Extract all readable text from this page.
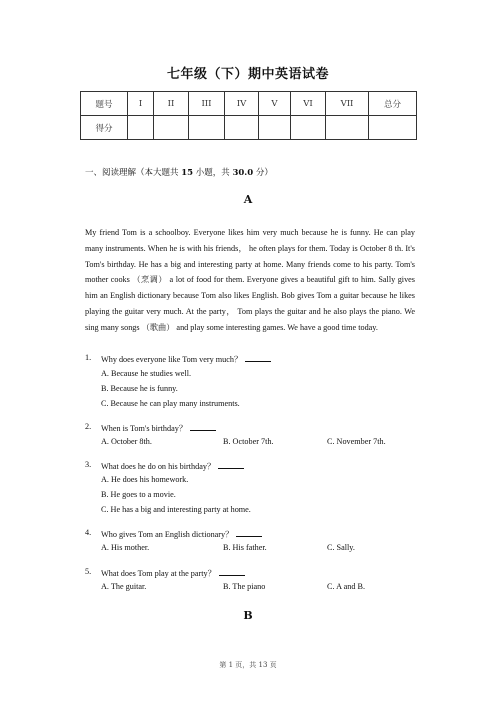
七年级（下）期中英语试卷
题号	I	II	III	IV	V	VI	VII	总分
得分								
一、阅读理解（本大题共 15 小题，共 30.0 分）
A
My friend Tom is a schoolboy. Everyone likes him very much because he is funny. He can play many instruments. When he is with his friends， he often plays for them. Today is October 8 th. It's Tom's birthday. He has a big and interesting party at home. Many friends come to his party. Tom's mother cooks （烹调） a lot of food for them. Everyone gives a beautiful gift to him. Sally gives him an English dictionary because Tom also likes English. Bob gives Tom a guitar because he likes playing the guitar very much. At the party， Tom plays the guitar and he also plays the piano. We sing many songs （歌曲） and play some interesting games. We have a good time today.
1. Why does everyone like Tom very much？
A. Because he studies well.
B. Because he is funny.
C. Because he can play many instruments.
2. When is Tom's birthday？
A. October 8th.	B. October 7th.	C. November 7th.
3. What does he do on his birthday？
A. He does his homework.
B. He goes to a movie.
C. He has a big and interesting party at home.
4. Who gives Tom an English dictionary？
A. His mother.	B. His father.	C. Sally.
5. What does Tom play at the party？
A. The guitar.	B. The piano	C. A and B.
B
第 1 页，共 13 页
